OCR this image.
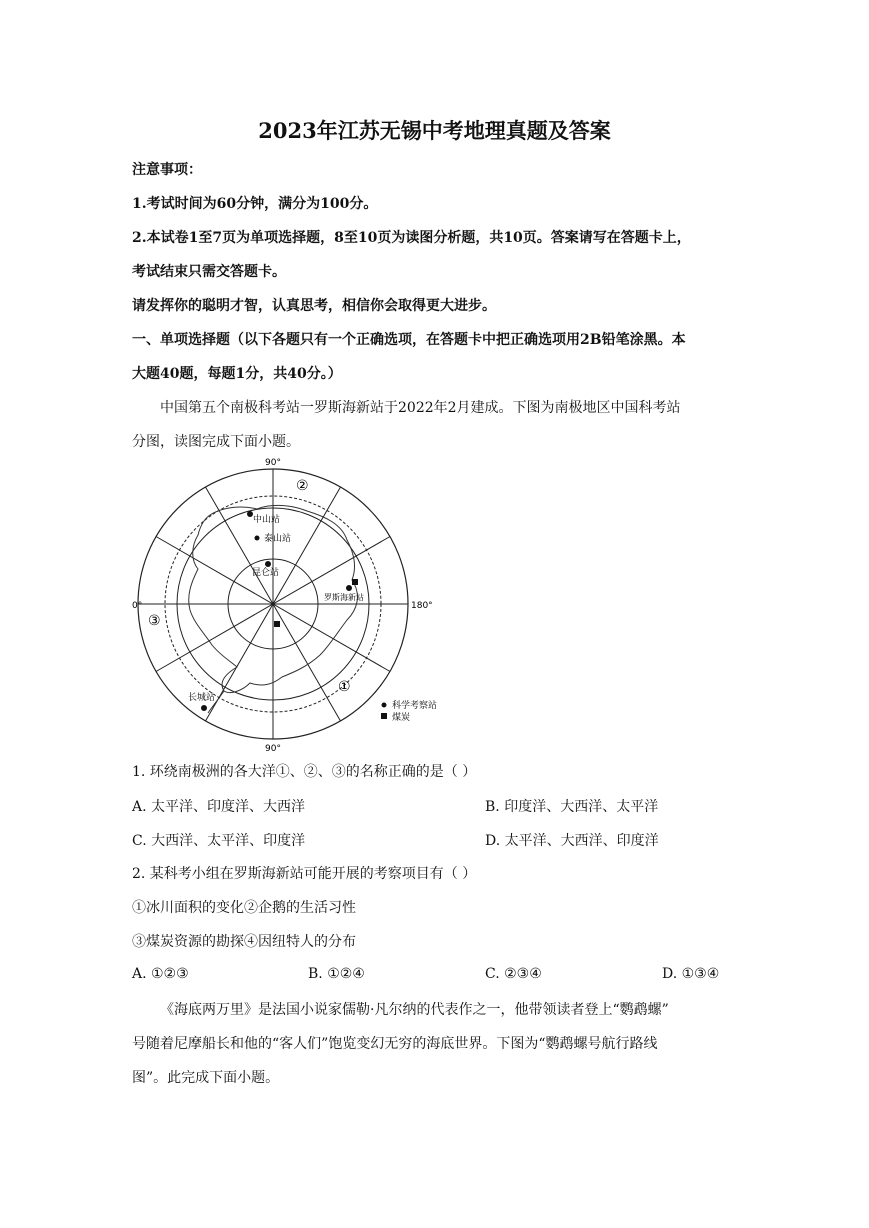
2023年江苏无锡中考地理真题及答案
注意事项：
1.考试时间为60分钟，满分为100分。
2.本试卷1至7页为单项选择题，8至10页为读图分析题，共10页。答案请写在答题卡上，
考试结束只需交答题卡。
请发挥你的聪明才智，认真思考，相信你会取得更大进步。
一、单项选择题（以下各题只有一个正确选项，在答题卡中把正确选项用2B铅笔涂黑。本
大题40题，每题1分，共40分。）
中国第五个南极科考站一罗斯海新站于2022年2月建成。下图为南极地区中国科考站
分图，读图完成下面小题。
90°
90°
0°	180°
②
③
①
中山站
泰山站
昆仑站
罗斯海新站
长城站
科学考察站
煤炭
1. 环绕南极洲的各大洋①、②、③的名称正确的是（ ）
A. 太平洋、印度洋、大西洋	B. 印度洋、大西洋、太平洋
C. 大西洋、太平洋、印度洋	D. 太平洋、大西洋、印度洋
2. 某科考小组在罗斯海新站可能开展的考察项目有（ ）
①冰川面积的变化②企鹅的生活习性
③煤炭资源的勘探④因纽特人的分布
A. ①②③	B. ①②④	C. ②③④	D. ①③④
《海底两万里》是法国小说家儒勒·凡尔纳的代表作之一，他带领读者登上“鹦鹉螺”
号随着尼摩船长和他的“客人们”饱览变幻无穷的海底世界。下图为“鹦鹉螺号航行路线
图”。此完成下面小题。
